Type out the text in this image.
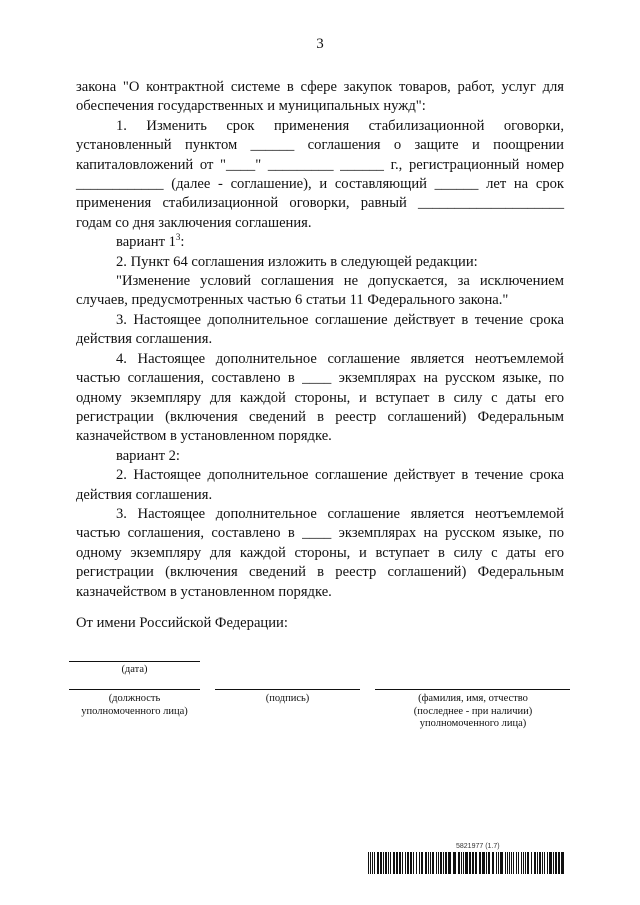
3

закона "О контрактной системе в сфере закупок товаров, работ, услуг для обеспечения государственных и муниципальных нужд":

1. Изменить срок применения стабилизационной оговорки, установленный пунктом ______ соглашения о защите и поощрении капиталовложений от "____" _________ ______ г., регистрационный номер ____________ (далее - соглашение), и составляющий ______ лет на срок применения стабилизационной оговорки, равный ____________________ годам со дня заключения соглашения.

вариант $1^3$:

2. Пункт 64 соглашения изложить в следующей редакции:

"Изменение условий соглашения не допускается, за исключением случаев, предусмотренных частью 6 статьи 11 Федерального закона."

3. Настоящее дополнительное соглашение действует в течение срока действия соглашения.

4. Настоящее дополнительное соглашение является неотъемлемой частью соглашения, составлено в ____ экземплярах на русском языке, по одному экземпляру для каждой стороны, и вступает в силу с даты его регистрации (включения сведений в реестр соглашений) Федеральным казначейством в установленном порядке.

вариант 2:

2. Настоящее дополнительное соглашение действует в течение срока действия соглашения.

3. Настоящее дополнительное соглашение является неотъемлемой частью соглашения, составлено в ____ экземплярах на русском языке, по одному экземпляру для каждой стороны, и вступает в силу с даты его регистрации (включения сведений в реестр соглашений) Федеральным казначейством в установленном порядке.

От имени Российской Федерации:

(дата)
(должность уполномоченного лица)
(подпись)	(фамилия, имя, отчество (последнее - при наличии) уполномоченного лица)
5821977 (1.7)
